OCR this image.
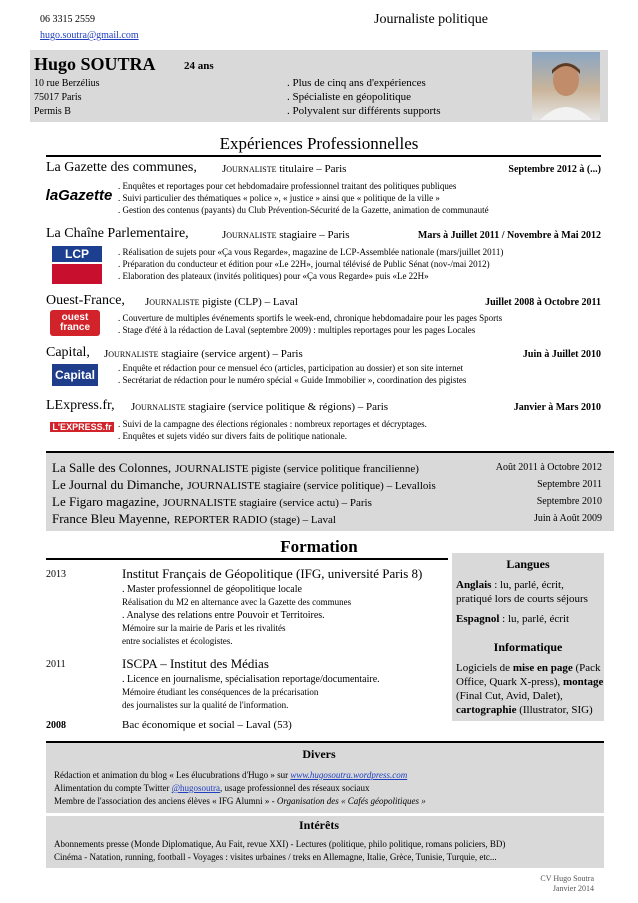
06 3315 2559
hugo.soutra@gmail.com
Journaliste politique
Hugo SOUTRA	24 ans
10 rue Berzélius
75017 Paris
Permis B
. Plus de cinq ans d'expériences
. Spécialiste en géopolitique
. Polyvalent sur différents supports
Expériences Professionnelles
La Gazette des communes, Journaliste titulaire – Paris	Septembre 2012 à (...)
laGazette
. Enquêtes et reportages pour cet hebdomadaire professionnel traitant des politiques publiques
. Suivi particulier des thématiques « police », « justice » ainsi que « politique de la ville »
. Gestion des contenus (payants) du Club Prévention-Sécurité de la Gazette, animation de communauté
La Chaîne Parlementaire,	Journaliste stagiaire – Paris	Mars à Juillet 2011 / Novembre à Mai 2012
LCP	. Réalisation de sujets pour «Ça vous Regarde», magazine de LCP-Assemblée nationale (mars/juillet 2011)
. Préparation du conducteur et édition pour «Le 22H», journal télévisé de Public Sénat (nov-/mai 2012)
. Elaboration des plateaux (invités politiques) pour «Ça vous Regarde» puis «Le 22H»
Ouest-France, Journaliste pigiste (CLP) – Laval	Juillet 2008 à Octobre 2011
ouest france
. Couverture de multiples événements sportifs le week-end, chronique hebdomadaire pour les pages Sports
. Stage d'été à la rédaction de Laval (septembre 2009) : multiples reportages pour les pages Locales
Capital, Journaliste stagiaire (service argent) – Paris	Juin à Juillet 2010
Capital	. Enquête et rédaction pour ce mensuel éco (articles, participation au dossier) et son site internet
. Secrétariat de rédaction pour le numéro spécial « Guide Immobilier », coordination des pigistes
LExpress.fr, Journaliste stagiaire (service politique & régions) – Paris	Janvier à Mars 2010
L'EXPRESS.fr . Suivi de la campagne des élections régionales : nombreux reportages et décryptages.
. Enquêtes et sujets vidéo sur divers faits de politique nationale.
La Salle des Colonnes, JOURNALISTE pigiste (service politique francilienne)	Août 2011 à Octobre 2012
Le Journal du Dimanche, JOURNALISTE stagiaire (service politique) – Levallois	Septembre 2011
Le Figaro magazine, JOURNALISTE stagiaire (service actu) – Paris	Septembre 2010
France Bleu Mayenne, REPORTER RADIO (stage) – Laval	Juin à Août 2009
Formation
2013	Institut Français de Géopolitique (IFG, université Paris 8)
. Master professionnel de géopolitique locale
Réalisation du M2 en alternance avec la Gazette des communes
. Analyse des relations entre Pouvoir et Territoires.
Mémoire sur la mairie de Paris et les rivalités
entre socialistes et écologistes.
2011	ISCPA – Institut des Médias
. Licence en journalisme, spécialisation reportage/documentaire.
Mémoire étudiant les conséquences de la précarisation
des journalistes sur la qualité de l'information.
2008	Bac économique et social – Laval (53)
Langues
Anglais : lu, parlé, écrit,
pratiqué lors de courts séjours
Espagnol : lu, parlé, écrit
Informatique
Logiciels de mise en page (Pack
Office, Quark X-press), montage
(Final Cut, Avid, Dalet),
cartographie (Illustrator, SIG)
Divers
Rédaction et animation du blog « Les élucubrations d'Hugo » sur www.hugosoutra.wordpress.com
Alimentation du compte Twitter @hugosoutra, usage professionnel des réseaux sociaux
Membre de l'association des anciens élèves « IFG Alumni » - Organisation des « Cafés géopolitiques »
Intérêts
Abonnements presse (Monde Diplomatique, Au Fait, revue XXI) - Lectures (politique, philo politique, romans policiers, BD)
Cinéma - Natation, running, football - Voyages : visites urbaines / treks en Allemagne, Italie, Grèce, Tunisie, Turquie, etc...
CV Hugo Soutra
Janvier 2014
